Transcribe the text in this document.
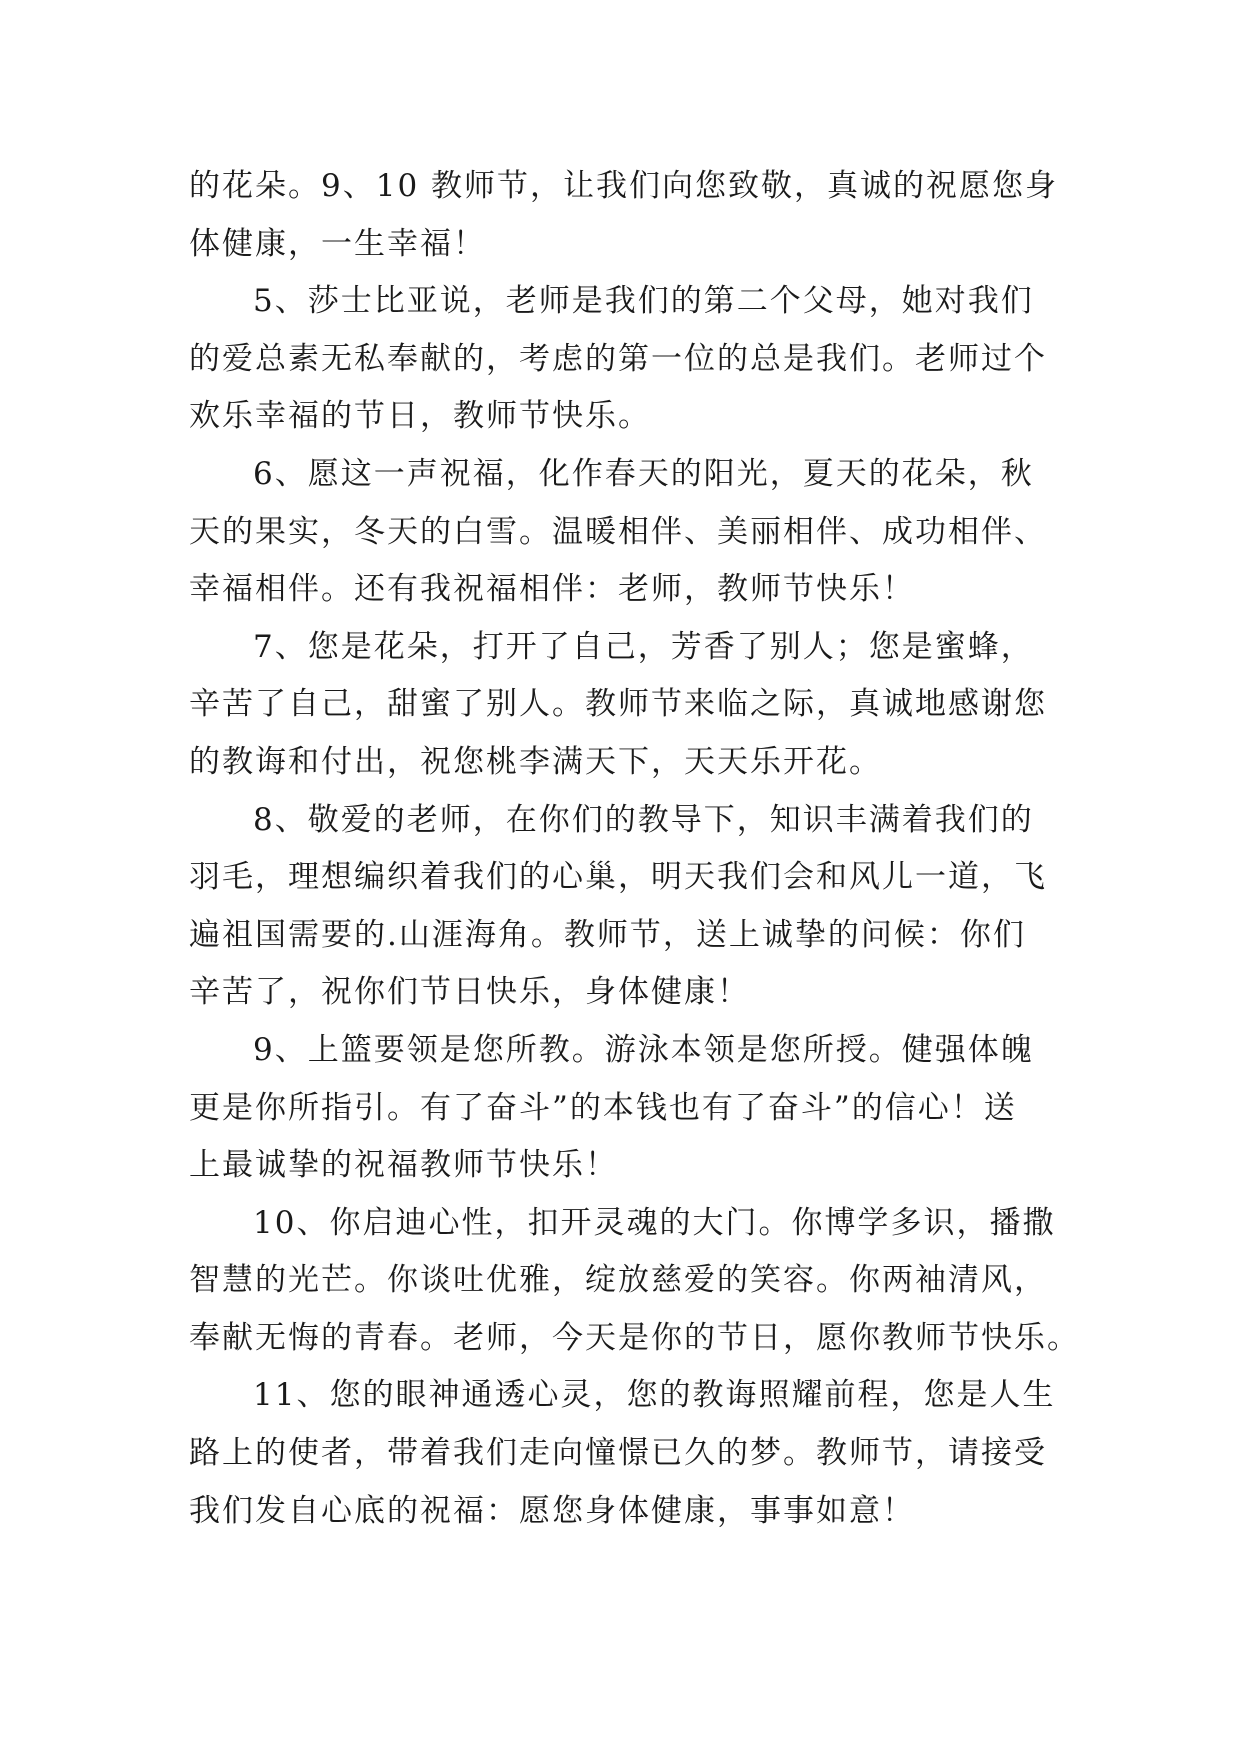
的花朵。9、10 教师节，让我们向您致敬，真诚的祝愿您身
体健康，一生幸福！
5、莎士比亚说，老师是我们的第二个父母，她对我们
的爱总素无私奉献的，考虑的第一位的总是我们。老师过个
欢乐幸福的节日，教师节快乐。
6、愿这一声祝福，化作春天的阳光，夏天的花朵，秋
天的果实，冬天的白雪。温暖相伴、美丽相伴、成功相伴、
幸福相伴。还有我祝福相伴：老师，教师节快乐！
7、您是花朵，打开了自己，芳香了别人；您是蜜蜂，
辛苦了自己，甜蜜了别人。教师节来临之际，真诚地感谢您
的教诲和付出，祝您桃李满天下，天天乐开花。
8、敬爱的老师，在你们的教导下，知识丰满着我们的
羽毛，理想编织着我们的心巢，明天我们会和风儿一道，飞
遍祖国需要的.山涯海角。教师节，送上诚挚的问候：你们
辛苦了，祝你们节日快乐，身体健康！
9、上篮要领是您所教。游泳本领是您所授。健强体魄
更是你所指引。有了奋斗”的本钱也有了奋斗”的信心！送
上最诚挚的祝福教师节快乐！
10、你启迪心性，扣开灵魂的大门。你博学多识，播撒
智慧的光芒。你谈吐优雅，绽放慈爱的笑容。你两袖清风，
奉献无悔的青春。老师，今天是你的节日，愿你教师节快乐。
11、您的眼神通透心灵，您的教诲照耀前程，您是人生
路上的使者，带着我们走向憧憬已久的梦。教师节，请接受
我们发自心底的祝福：愿您身体健康，事事如意！
